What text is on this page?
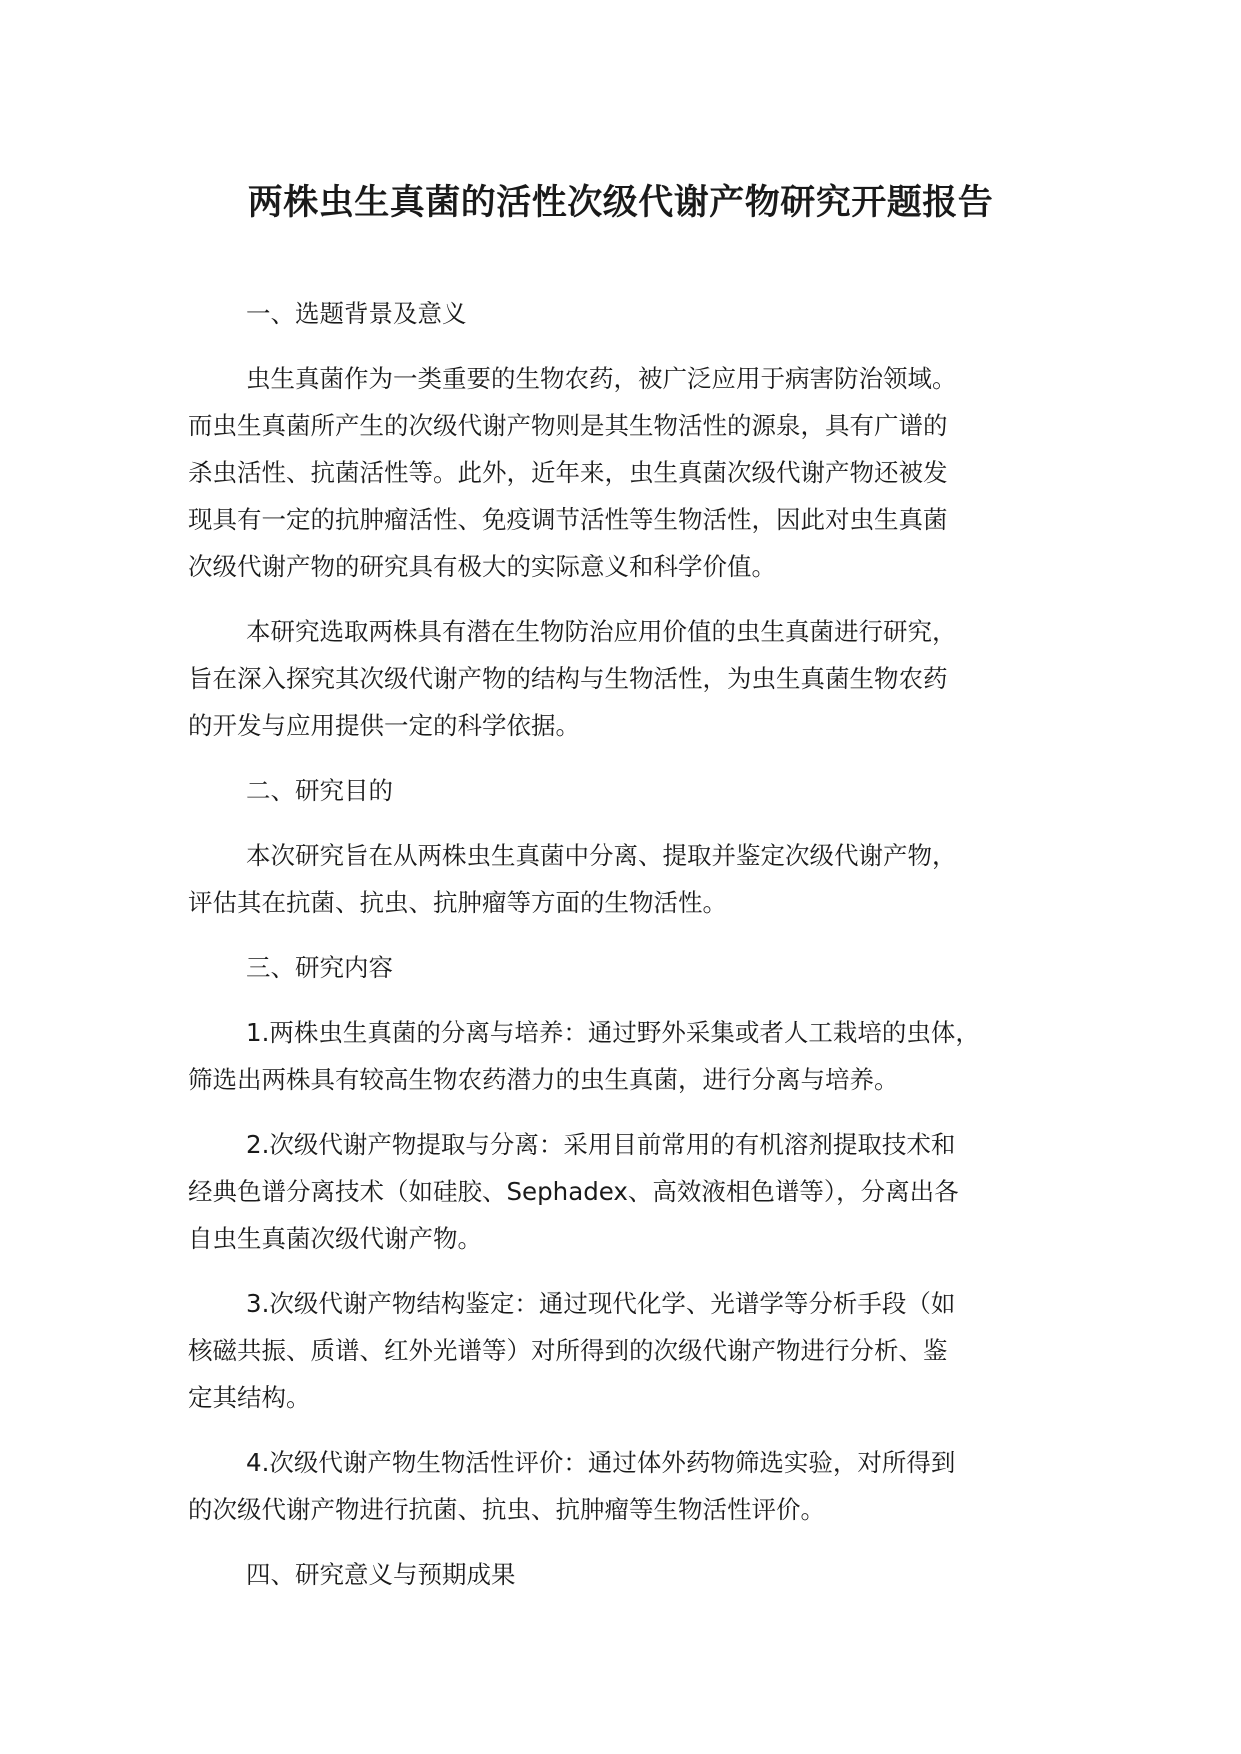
两株虫生真菌的活性次级代谢产物研究开题报告
一、选题背景及意义
虫生真菌作为一类重要的生物农药，被广泛应用于病害防治领域。
而虫生真菌所产生的次级代谢产物则是其生物活性的源泉，具有广谱的
杀虫活性、抗菌活性等。此外，近年来，虫生真菌次级代谢产物还被发
现具有一定的抗肿瘤活性、免疫调节活性等生物活性，因此对虫生真菌
次级代谢产物的研究具有极大的实际意义和科学价值。
本研究选取两株具有潜在生物防治应用价值的虫生真菌进行研究，
旨在深入探究其次级代谢产物的结构与生物活性，为虫生真菌生物农药
的开发与应用提供一定的科学依据。
二、研究目的
本次研究旨在从两株虫生真菌中分离、提取并鉴定次级代谢产物，
评估其在抗菌、抗虫、抗肿瘤等方面的生物活性。
三、研究内容
1.两株虫生真菌的分离与培养：通过野外采集或者人工栽培的虫体，
筛选出两株具有较高生物农药潜力的虫生真菌，进行分离与培养。
2.次级代谢产物提取与分离：采用目前常用的有机溶剂提取技术和
经典色谱分离技术（如硅胶、Sephadex、高效液相色谱等），分离出各
自虫生真菌次级代谢产物。
3.次级代谢产物结构鉴定：通过现代化学、光谱学等分析手段（如
核磁共振、质谱、红外光谱等）对所得到的次级代谢产物进行分析、鉴
定其结构。
4.次级代谢产物生物活性评价：通过体外药物筛选实验，对所得到
的次级代谢产物进行抗菌、抗虫、抗肿瘤等生物活性评价。
四、研究意义与预期成果
